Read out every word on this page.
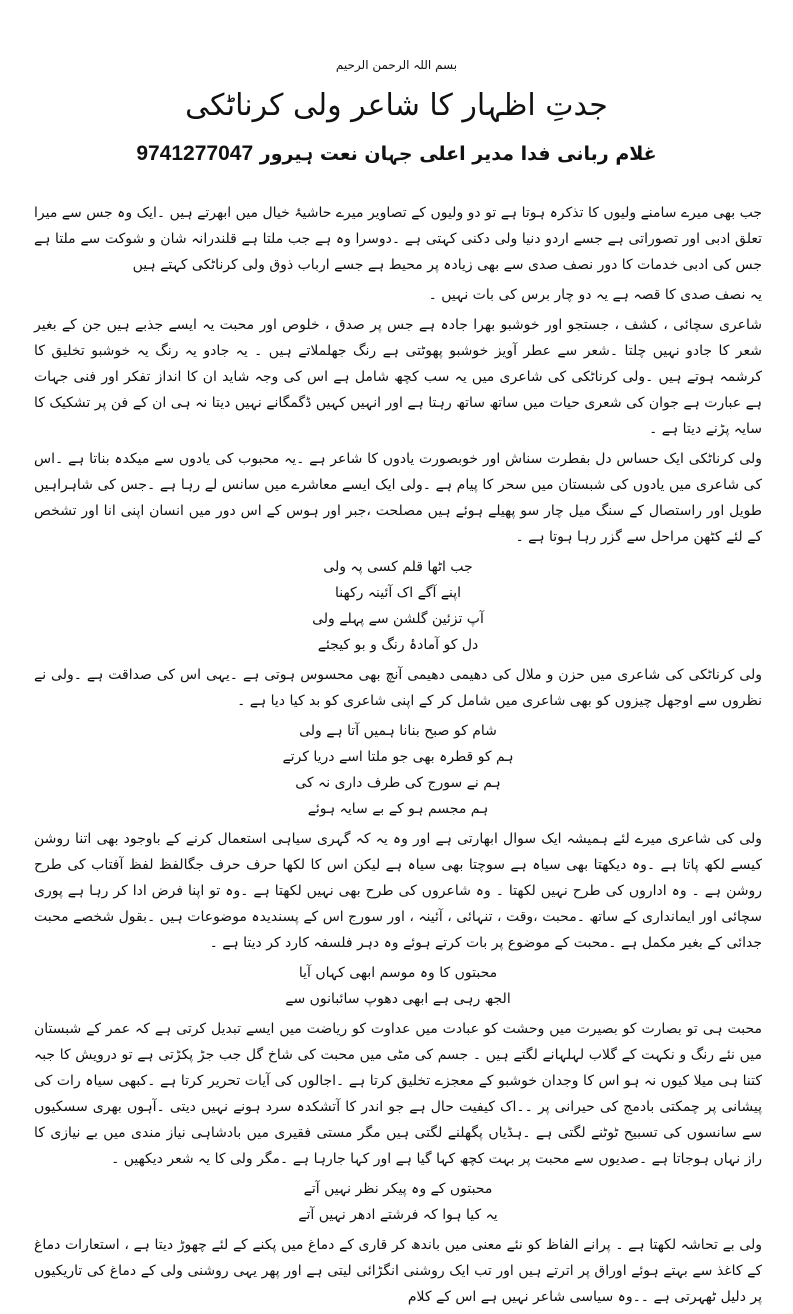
بسم اللہ الرحمن الرحیم
جدتِ اظہار کا شاعر ولی کرناٹکی
غلام ربانی فدا مدیر اعلی جہان نعت ہیرور 9741277047

جب بھی میرے سامنے ولیوں کا تذکرہ ہوتا ہے تو دو ولیوں کے تصاویر میرے حاشیۂ خیال میں ابھرتے ہیں ۔ایک وہ جس سے میرا تعلق ادبی اور تصوراتی ہے جسے اردو دنیا ولی دکنی کہتی ہے ۔دوسرا وہ ہے جب ملتا ہے قلندرانہ شان و شوکت سے ملتا ہے جس کی ادبی خدمات کا دور نصف صدی سے بھی زیادہ پر محیط ہے جسے ارباب ذوق ولی کرناٹکی کہتے ہیں

یہ نصف صدی کا قصہ ہے یہ دو چار برس کی بات نہیں ۔

شاعری سچائی ، کشف ، جستجو اور خوشبو بھرا جادہ ہے جس پر صدق ، خلوص اور محبت یہ ایسے جذبے ہیں جن کے بغیر شعر کا جادو نہیں چلتا ۔شعر سے عطر آویز خوشبو پھوٹتی ہے رنگ جھلملاتے ہیں ۔ یہ جادو یہ رنگ یہ خوشبو تخلیق کا کرشمہ ہوتے ہیں ۔ولی کرناٹکی کی شاعری میں یہ سب کچھ شامل ہے اس کی وجہ شاید ان کا انداز تفکر اور فنی جہات ہے عبارت ہے جوان کی شعری حیات میں ساتھ ساتھ رہتا ہے اور انہیں کہیں ڈگمگانے نہیں دیتا نہ ہی ان کے فن پر تشکیک کا سایہ پڑنے دیتا ہے ۔

ولی کرناٹکی ایک حساس دل بفطرت سناش اور خوبصورت یادوں کا شاعر ہے ۔یہ محبوب کی یادوں سے میکدہ بناتا ہے ۔اس کی شاعری میں یادوں کی شبستان میں سحر کا پیام ہے ۔ولی ایک ایسے معاشرے میں سانس لے رہا ہے ۔جس کی شاہراہیں طویل اور راستصال کے سنگ میل چار سو پھیلے ہوئے ہیں مصلحت ،جبر اور ہوس کے اس دور میں انسان اپنی انا اور تشخص کے لئے کٹھن مراحل سے گزر رہا ہوتا ہے ۔

جب اٹھا قلم کسی پہ ولی
اپنے آگے اک آئینہ رکھنا
آپ تزئین گلشن سے پہلے ولی
دل کو آمادۂ رنگ و بو کیجئے

ولی کرناٹکی کی شاعری میں حزن و ملال کی دھیمی دھیمی آنچ بھی محسوس ہوتی ہے ۔یہی اس کی صداقت ہے ۔ولی نے نظروں سے اوجھل چیزوں کو بھی شاعری میں شامل کر کے اپنی شاعری کو بد کیا دیا ہے ۔

شام کو صبح بنانا ہمیں آتا ہے ولی
ہم کو قطرہ بھی جو ملتا اسے دریا کرتے
ہم نے سورج کی طرف داری نہ کی
ہم مجسم ہو کے بے سایہ ہوئے

ولی کی شاعری میرے لئے ہمیشہ ایک سوال ابھارتی ہے اور وہ یہ کہ گہری سیاہی استعمال کرنے کے باوجود بھی اتنا روشن کیسے لکھ پاتا ہے ۔وہ دیکھتا بھی سیاہ ہے سوچتا بھی سیاہ ہے لیکن اس کا لکھا حرف حرف جگالفظ لفظ آفتاب کی طرح روشن ہے ۔ وہ اداروں کی طرح نہیں لکھتا ۔ وہ شاعروں کی طرح بھی نہیں لکھتا ہے ۔وہ تو اپنا فرض ادا کر رہا ہے پوری سچائی اور ایمانداری کے ساتھ ۔محبت ،وقت ، تنہائی ، آئینہ ، اور سورج اس کے پسندیدہ موضوعات ہیں ۔بقول شخصے محبت جدائی کے بغیر مکمل ہے ۔محبت کے موضوع پر بات کرتے ہوئے وہ دہر فلسفہ کارد کر دیتا ہے ۔

محبتوں کا وہ موسم ابھی کہاں آیا
الجھ رہی ہے ابھی دھوپ سائبانوں سے

محبت ہی تو بصارت کو بصیرت میں وحشت کو عبادت میں عداوت کو ریاضت میں ایسے تبدیل کرتی ہے کہ عمر کے شبستان میں نئے رنگ و نکہت کے گلاب لہلہانے لگتے ہیں ۔ جسم کی مٹی میں محبت کی شاخ گل جب جڑ پکڑتی ہے تو درویش کا جبہ کتنا ہی میلا کیوں نہ ہو اس کا وجدان خوشبو کے معجزے تخلیق کرتا ہے ۔اجالوں کی آیات تحریر کرتا ہے ۔کبھی سیاہ رات کی پیشانی پر چمکتی بادمج کی حیرانی پر ۔۔اک کیفیت حال ہے جو اندر کا آتشکدہ سرد ہونے نہیں دیتی ۔آہوں بھری سسکیوں سے سانسوں کی تسبیح ٹوٹنے لگتی ہے ۔ہڈیاں پگھلنے لگتی ہیں مگر مستی فقیری میں بادشاہی نیاز مندی میں بے نیازی کا راز نہاں ہوجاتا ہے ۔صدیوں سے محبت پر بہت کچھ کہا گیا ہے اور کہا جارہا ہے ۔مگر ولی کا یہ شعر دیکھیں ۔

محبتوں کے وہ پیکر نظر نہیں آتے
یہ کیا ہوا کہ فرشتے ادھر نہیں آتے

ولی بے تحاشہ لکھتا ہے ۔ پرانے الفاظ کو نئے معنی میں باندھ کر قاری کے دماغ میں پکنے کے لئے چھوڑ دیتا ہے ، استعارات دماغ کے کاغذ سے بہتے ہوئے اوراق پر اترتے ہیں اور تب ایک روشنی انگڑائی لیتی ہے اور پھر یہی روشنی ولی کے دماغ کی تاریکیوں پر دلیل ٹھہرتی ہے ۔۔وہ سیاسی شاعر نہیں ہے اس کے کلام
